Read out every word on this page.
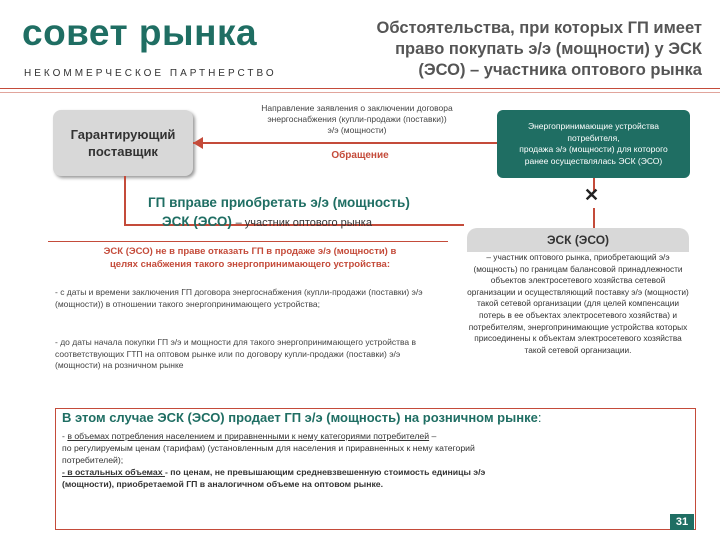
совет рынка
НЕКОММЕРЧЕСКОЕ ПАРТНЕРСТВО
Обстоятельства, при которых ГП имеет
право покупать э/э (мощности) у ЭСК
(ЭСО) – участника оптового рынка
Гарантирующий
поставщик
Направление заявления о заключении договора
энергоснабжения (купли-продажи (поставки))
э/э (мощности)
Обращение
Энергопринимающие устройства
потребителя,
продажа э/э (мощности) для которого
ранее осуществлялась ЭСК (ЭСО)
✕
ГП вправе приобретать э/э (мощность)
ЭСК (ЭСО) – участник оптового рынка
ЭСК (ЭСО) не в праве отказать ГП в продаже э/э (мощности) в
целях снабжения такого энергопринимающего устройства:
- с даты и времени заключения ГП договора энергоснабжения (купли-продажи (поставки) э/э (мощности)) в отношении такого энергопринимающего устройства;
- до даты начала покупки ГП э/э и мощности для такого энергопринимающего устройства в соответствующих ГТП на оптовом рынке или по договору купли-продажи (поставки) э/э (мощности) на розничном рынке
ЭСК (ЭСО)
– участник оптового рынка, приобретающий э/э (мощность) по границам балансовой принадлежности объектов электросетевого хозяйства сетевой организации и осуществляющий поставку э/э (мощности) такой сетевой организации (для целей компенсации потерь в ее объектах электросетевого хозяйства) и потребителям, энергопринимающие устройства которых присоединены к объектам электросетевого хозяйства такой сетевой организации.
В этом случае ЭСК (ЭСО) продает ГП э/э (мощность) на розничном рынке:
- в объемах потребления населением и приравненными к нему категориями потребителей –
по регулируемым ценам (тарифам) (установленным для населения и приравненных к нему категорий
потребителей);
- в остальных объемах - по ценам, не превышающим средневзвешенную стоимость единицы э/э
(мощности), приобретаемой ГП в аналогичном объеме на оптовом рынке.
31
